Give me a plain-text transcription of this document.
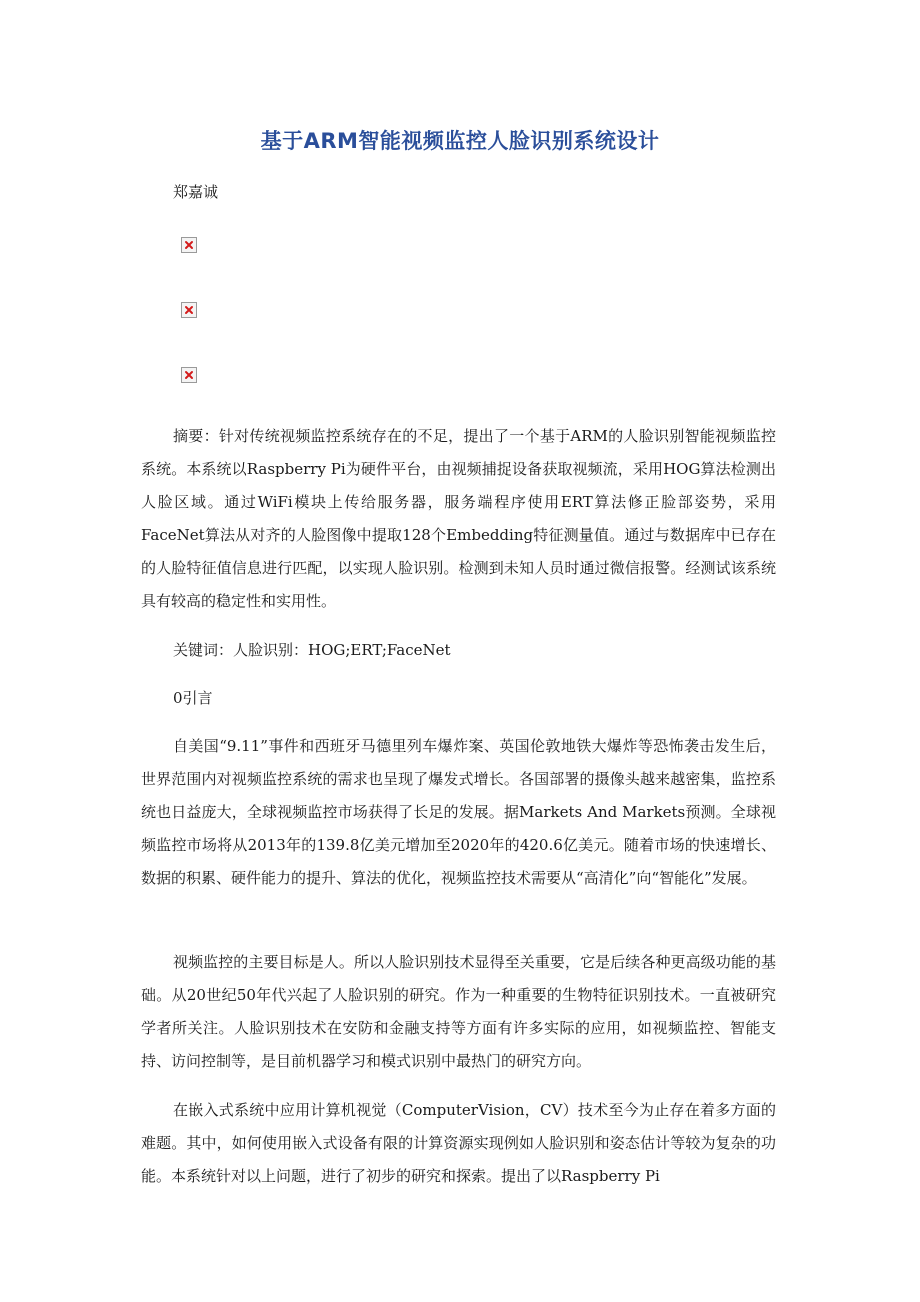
基于ARM智能视频监控人脸识别系统设计
郑嘉诚

摘要：针对传统视频监控系统存在的不足，提出了一个基于ARM的人脸识别智能视频监控系统。本系统以Raspberry Pi为硬件平台，由视频捕捉设备获取视频流，采用HOG算法检测出人脸区域。通过WiFi模块上传给服务器，服务端程序使用ERT算法修正脸部姿势，采用FaceNet算法从对齐的人脸图像中提取128个Embedding特征测量值。通过与数据库中已存在的人脸特征值信息进行匹配，以实现人脸识别。检测到未知人员时通过微信报警。经测试该系统具有较高的稳定性和实用性。

关键词：人脸识别：HOG;ERT;FaceNet

0引言

自美国“9.11”事件和西班牙马德里列车爆炸案、英国伦敦地铁大爆炸等恐怖袭击发生后，世界范围内对视频监控系统的需求也呈现了爆发式增长。各国部署的摄像头越来越密集，监控系统也日益庞大，全球视频监控市场获得了长足的发展。据Markets And Markets预测。全球视频监控市场将从2013年的139.8亿美元增加至2020年的420.6亿美元。随着市场的快速增长、数据的积累、硬件能力的提升、算法的优化，视频监控技术需要从“高清化”向“智能化”发展。

视频监控的主要目标是人。所以人脸识别技术显得至关重要，它是后续各种更高级功能的基础。从20世纪50年代兴起了人脸识别的研究。作为一种重要的生物特征识别技术。一直被研究学者所关注。人脸识别技术在安防和金融支持等方面有许多实际的应用，如视频监控、智能支持、访问控制等，是目前机器学习和模式识别中最热门的研究方向。

在嵌入式系统中应用计算机视觉（ComputerVision，CV）技术至今为止存在着多方面的难题。其中，如何使用嵌入式设备有限的计算资源实现例如人脸识别和姿态估计等较为复杂的功能。本系统针对以上问题，进行了初步的研究和探索。提出了以Raspberry Pi
